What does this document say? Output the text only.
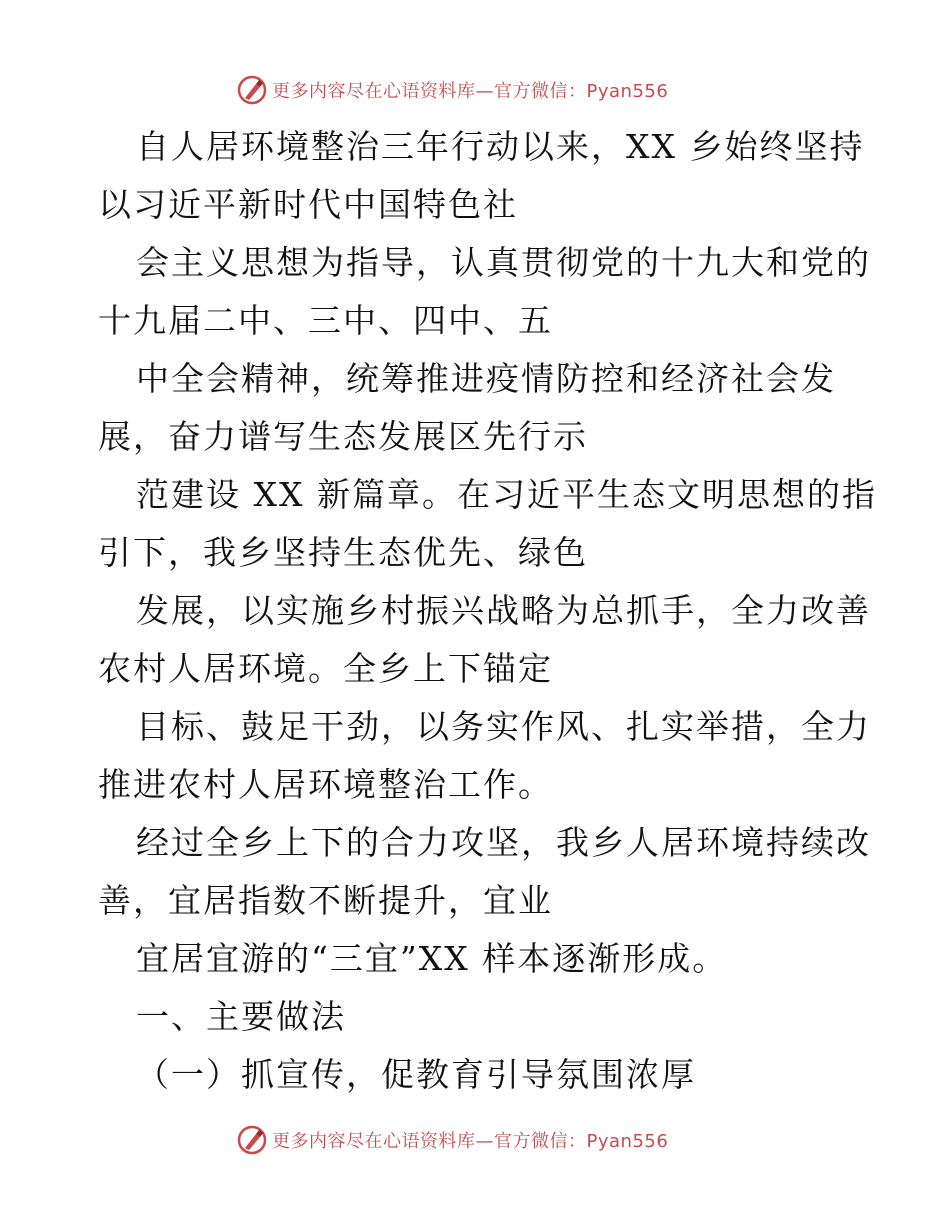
更多内容尽在心语资料库 —官方微信：Pyan556
自人居环境整治三年行动以来，XX 乡始终坚持
以习近平新时代中国特色社
会主义思想为指导，认真贯彻党的十九大和党的
十九届二中、三中、四中、五
中全会精神，统筹推进疫情防控和经济社会发
展，奋力谱写生态发展区先行示
范建设 XX 新篇章。在习近平生态文明思想的指
引下，我乡坚持生态优先、绿色
发展，以实施乡村振兴战略为总抓手，全力改善
农村人居环境。全乡上下锚定
目标、鼓足干劲，以务实作风、扎实举措，全力
推进农村人居环境整治工作。
经过全乡上下的合力攻坚，我乡人居环境持续改
善，宜居指数不断提升，宜业
宜居宜游的“三宜”XX 样本逐渐形成。
一、主要做法
（一）抓宣传，促教育引导氛围浓厚
更多内容尽在心语资料库 —官方微信：Pyan556
